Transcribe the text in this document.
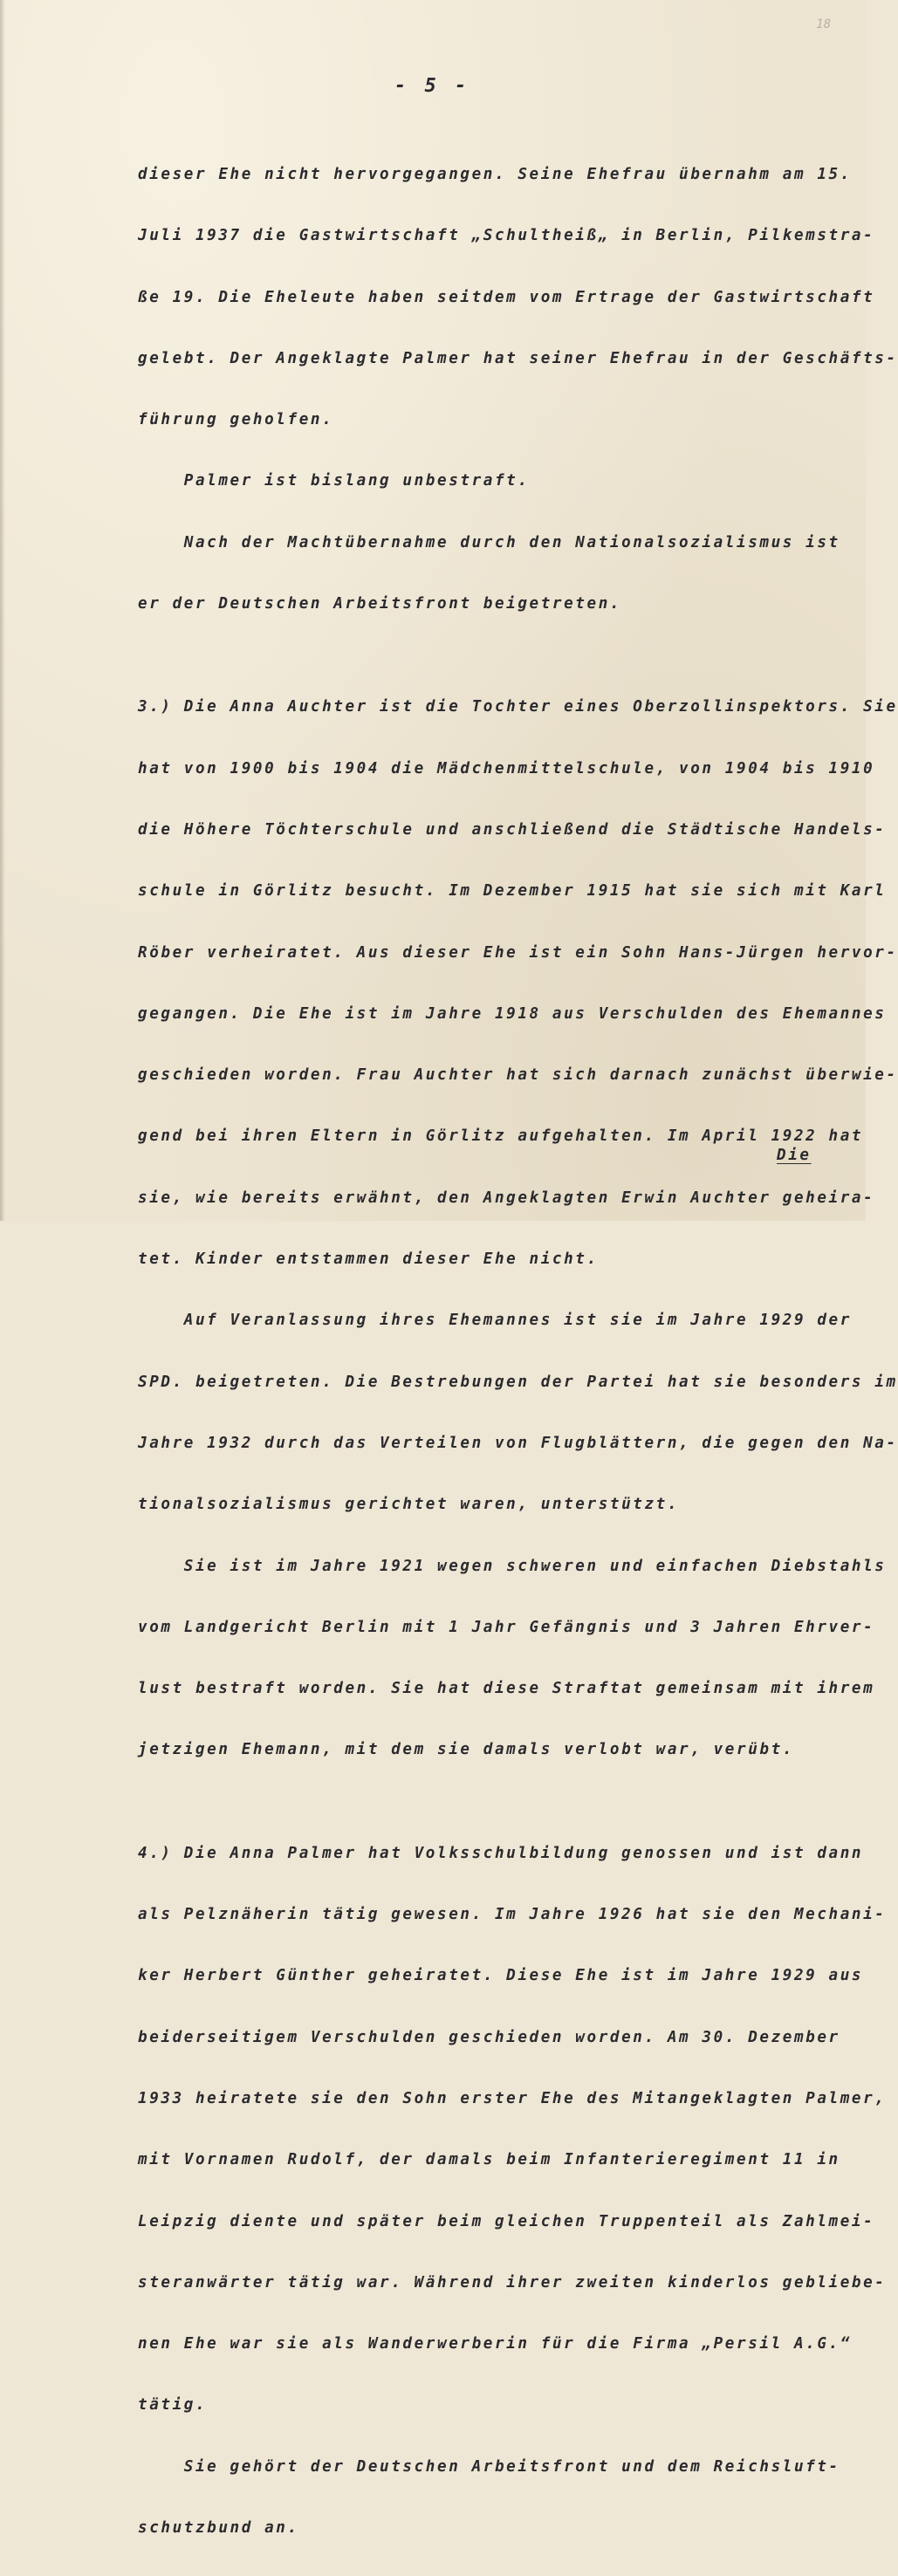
18
- 5 -

dieser Ehe nicht hervorgegangen. Seine Ehefrau übernahm am 15.

Juli 1937 die Gastwirtschaft „Schultheiß„ in Berlin, Pilkemstra-

ße 19. Die Eheleute haben seitdem vom Ertrage der Gastwirtschaft

gelebt. Der Angeklagte Palmer hat seiner Ehefrau in der Geschäfts-

führung geholfen.

Palmer ist bislang unbestraft.

Nach der Machtübernahme durch den Nationalsozialismus ist

er der Deutschen Arbeitsfront beigetreten.

3.) Die Anna Auchter ist die Tochter eines Oberzollinspektors. Sie

hat von 1900 bis 1904 die Mädchenmittelschule, von 1904 bis 1910

die Höhere Töchterschule und anschließend die Städtische Handels-

schule in Görlitz besucht. Im Dezember 1915 hat sie sich mit Karl

Röber verheiratet. Aus dieser Ehe ist ein Sohn Hans-Jürgen hervor-

gegangen. Die Ehe ist im Jahre 1918 aus Verschulden des Ehemannes

geschieden worden. Frau Auchter hat sich darnach zunächst überwie-

gend bei ihren Eltern in Görlitz aufgehalten. Im April 1922 hat

sie, wie bereits erwähnt, den Angeklagten Erwin Auchter geheira-

tet. Kinder entstammen dieser Ehe nicht.

Auf Veranlassung ihres Ehemannes ist sie im Jahre 1929 der

SPD. beigetreten. Die Bestrebungen der Partei hat sie besonders im

Jahre 1932 durch das Verteilen von Flugblättern, die gegen den Na-

tionalsozialismus gerichtet waren, unterstützt.

Sie ist im Jahre 1921 wegen schweren und einfachen Diebstahls

vom Landgericht Berlin mit 1 Jahr Gefängnis und 3 Jahren Ehrver-

lust bestraft worden. Sie hat diese Straftat gemeinsam mit ihrem

jetzigen Ehemann, mit dem sie damals verlobt war, verübt.

4.) Die Anna Palmer hat Volksschulbildung genossen und ist dann

als Pelznäherin tätig gewesen. Im Jahre 1926 hat sie den Mechani-

ker Herbert Günther geheiratet. Diese Ehe ist im Jahre 1929 aus

beiderseitigem Verschulden geschieden worden. Am 30. Dezember

1933 heiratete sie den Sohn erster Ehe des Mitangeklagten Palmer,

mit Vornamen Rudolf, der damals beim Infanterieregiment 11 in

Leipzig diente und später beim gleichen Truppenteil als Zahlmei-

steranwärter tätig war. Während ihrer zweiten kinderlos gebliebe-

nen Ehe war sie als Wanderwerberin für die Firma „Persil A.G.“

tätig.

Sie gehört der Deutschen Arbeitsfront und dem Reichsluft-

schutzbund an.

Die
